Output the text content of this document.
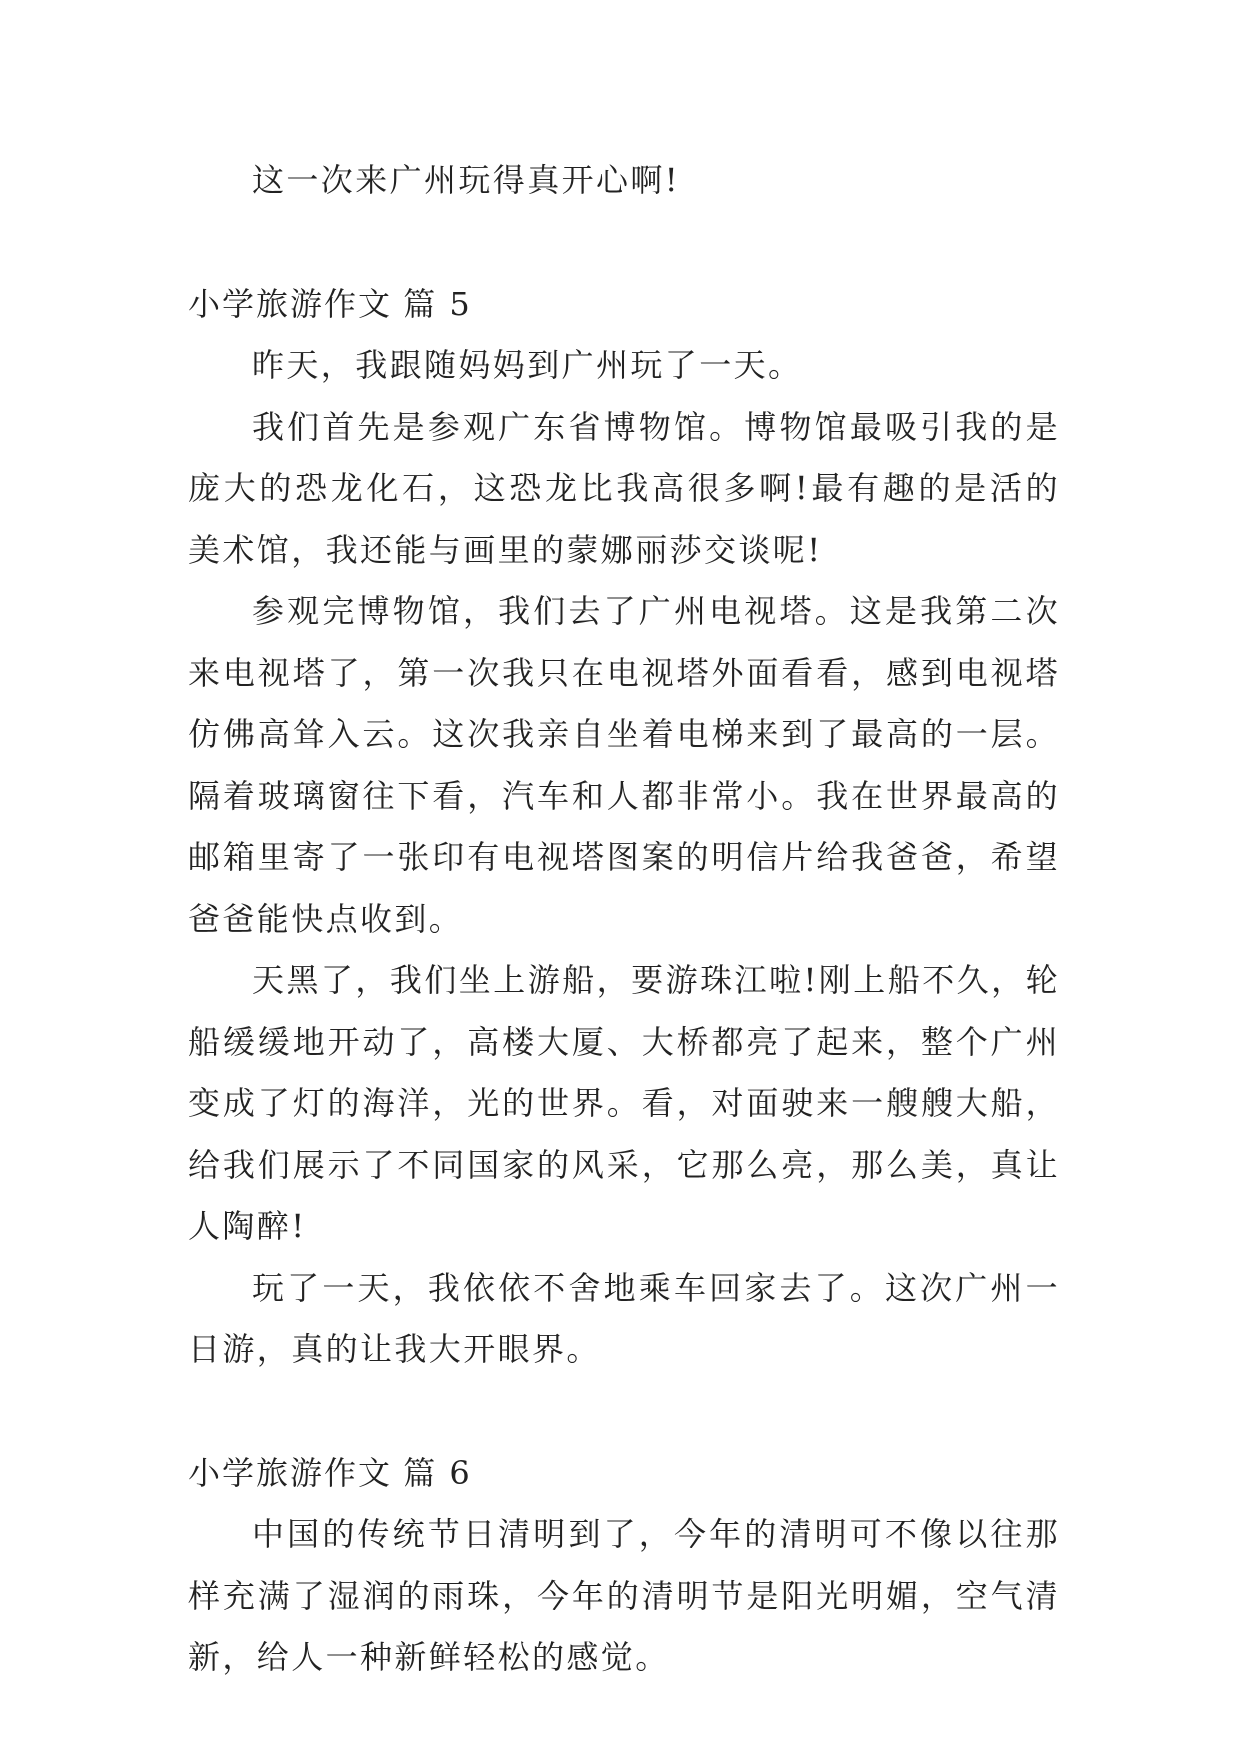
这一次来广州玩得真开心啊!

小学旅游作文 篇 5

昨天，我跟随妈妈到广州玩了一天。

我们首先是参观广东省博物馆。博物馆最吸引我的是庞大的恐龙化石，这恐龙比我高很多啊!最有趣的是活的美术馆，我还能与画里的蒙娜丽莎交谈呢!

参观完博物馆，我们去了广州电视塔。这是我第二次来电视塔了，第一次我只在电视塔外面看看，感到电视塔仿佛高耸入云。这次我亲自坐着电梯来到了最高的一层。隔着玻璃窗往下看，汽车和人都非常小。我在世界最高的邮箱里寄了一张印有电视塔图案的明信片给我爸爸，希望爸爸能快点收到。

天黑了，我们坐上游船，要游珠江啦!刚上船不久，轮船缓缓地开动了，高楼大厦、大桥都亮了起来，整个广州变成了灯的海洋，光的世界。看，对面驶来一艘艘大船，给我们展示了不同国家的风采，它那么亮，那么美，真让人陶醉!

玩了一天，我依依不舍地乘车回家去了。这次广州一日游，真的让我大开眼界。

小学旅游作文 篇 6

中国的传统节日清明到了，今年的清明可不像以往那样充满了湿润的雨珠，今年的清明节是阳光明媚，空气清新，给人一种新鲜轻松的感觉。
